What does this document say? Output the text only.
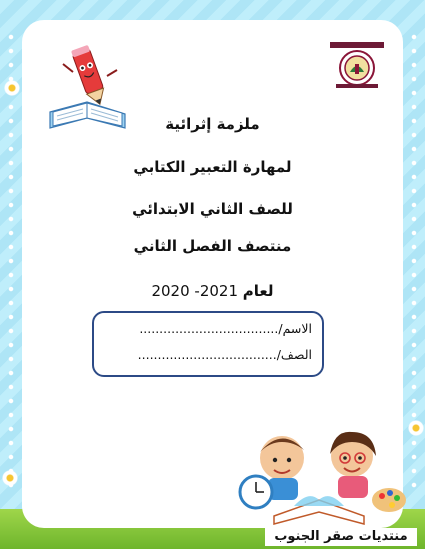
ملزمة إثرائية
لمهارة التعبير الكتابي
للصف الثاني الابتدائي
منتصف الفصل الثاني
لعام 2020 -2021
الاسم/...................................
الصف/...................................
منتديات صقر الجنوب
